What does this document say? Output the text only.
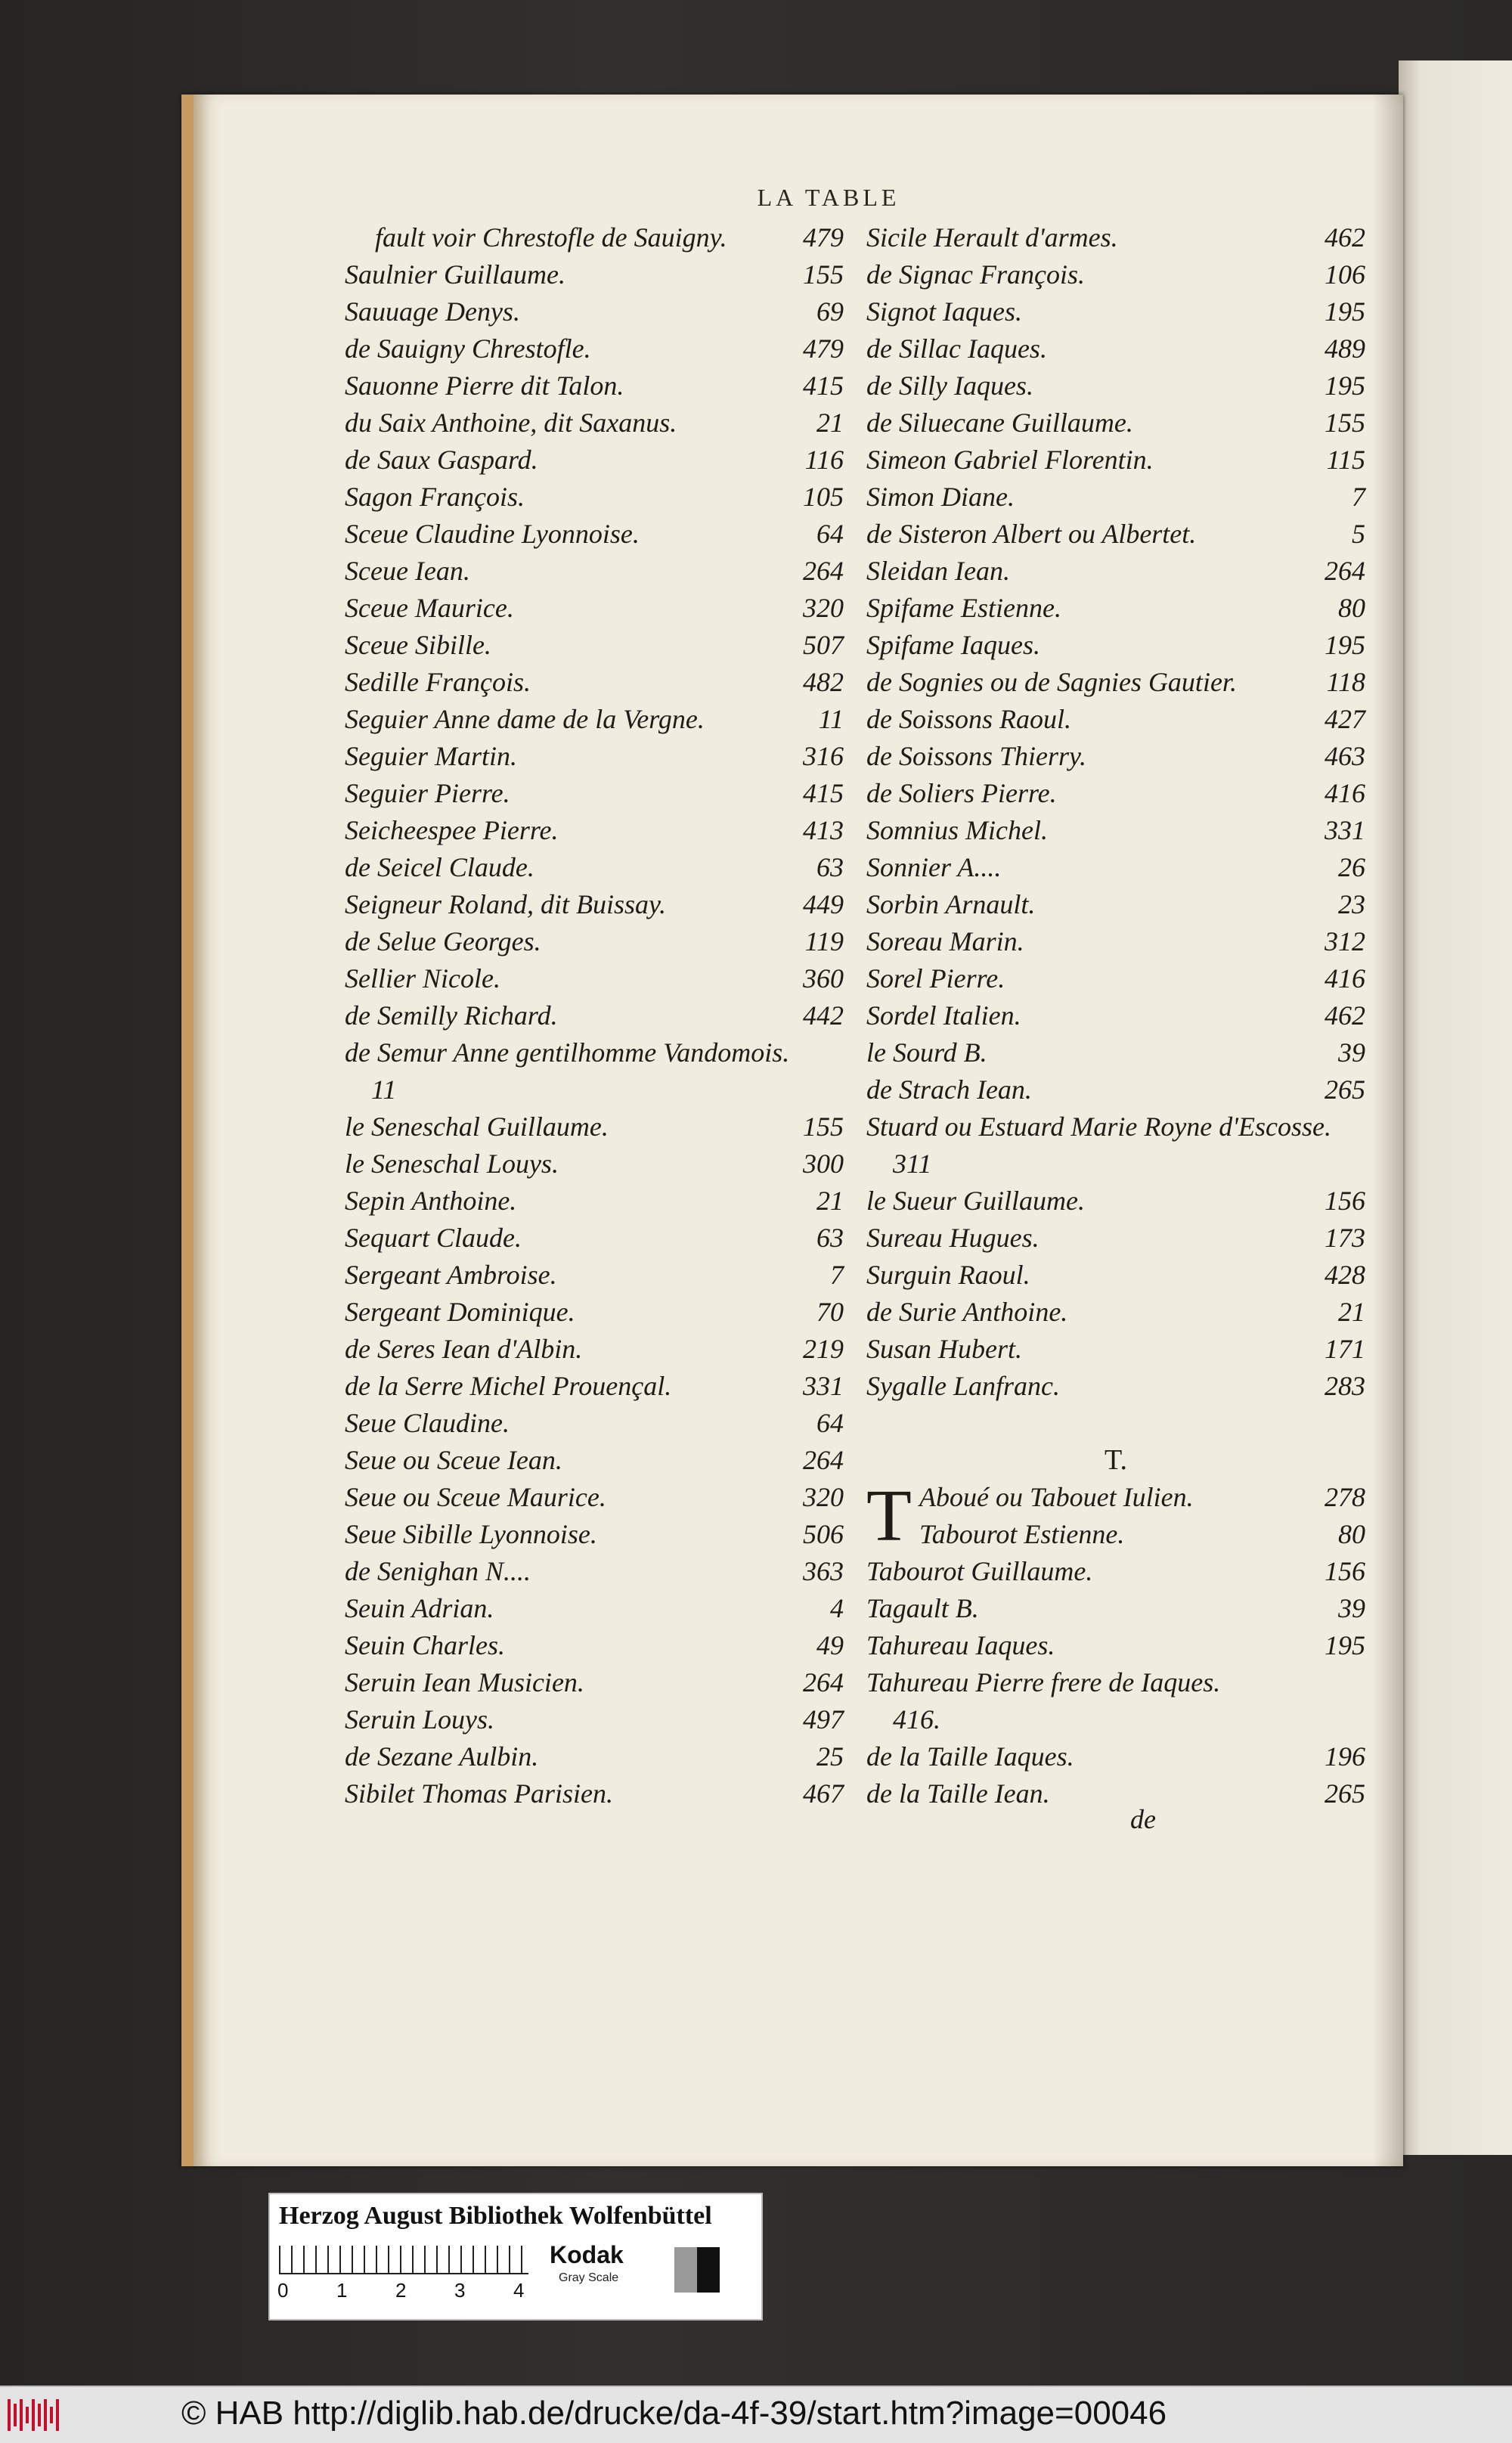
LA TABLE
fault voir Chrestofle de Sauigny.	479
Saulnier Guillaume.	155
Sauuage Denys.	69
de Sauigny Chrestofle.	479
Sauonne Pierre dit Talon.	415
du Saix Anthoine, dit Saxanus.	21
de Saux Gaspard.	116
Sagon François.	105
Sceue Claudine Lyonnoise.	64
Sceue Iean.	264
Sceue Maurice.	320
Sceue Sibille.	507
Sedille François.	482
Seguier Anne dame de la Vergne.	11
Seguier Martin.	316
Seguier Pierre.	415
Seicheespee Pierre.	413
de Seicel Claude.	63
Seigneur Roland, dit Buissay.	449
de Selue Georges.	119
Sellier Nicole.	360
de Semilly Richard.	442
de Semur Anne gentilhomme Vandomois.
11
le Seneschal Guillaume.	155
le Seneschal Louys.	300
Sepin Anthoine.	21
Sequart Claude.	63
Sergeant Ambroise.	7
Sergeant Dominique.	70
de Seres Iean d'Albin.	219
de la Serre Michel Prouençal.	331
Seue Claudine.	64
Seue ou Sceue Iean.	264
Seue ou Sceue Maurice.	320
Seue Sibille Lyonnoise.	506
de Senighan N....	363
Seuin Adrian.	4
Seuin Charles.	49
Seruin Iean Musicien.	264
Seruin Louys.	497
de Sezane Aulbin.	25
Sibilet Thomas Parisien.	467
Sicile Herault d'armes.	462
de Signac François.	106
Signot Iaques.	195
de Sillac Iaques.	489
de Silly Iaques.	195
de Siluecane Guillaume.	155
Simeon Gabriel Florentin.	115
Simon Diane.	7
de Sisteron Albert ou Albertet.	5
Sleidan Iean.	264
Spifame Estienne.	80
Spifame Iaques.	195
de Sognies ou de Sagnies Gautier.	118
de Soissons Raoul.	427
de Soissons Thierry.	463
de Soliers Pierre.	416
Somnius Michel.	331
Sonnier A....	26
Sorbin Arnault.	23
Soreau Marin.	312
Sorel Pierre.	416
Sordel Italien.	462
le Sourd B.	39
de Strach Iean.	265
Stuard ou Estuard Marie Royne d'Escosse.
311
le Sueur Guillaume.	156
Sureau Hugues.	173
Surguin Raoul.	428
de Surie Anthoine.	21
Susan Hubert.	171
Sygalle Lanfranc.	283
T.
T Aboué ou Tabouet Iulien.	278
Tabourot Estienne.	80
Tabourot Guillaume.	156
Tagault B.	39
Tahureau Iaques.	195
Tahureau Pierre frere de Iaques.
416.
de la Taille Iaques.	196
de la Taille Iean.	265
de
Herzog August Bibliothek Wolfenbüttel
0 1 2 3 4
Kodak
Gray Scale
© HAB http://diglib.hab.de/drucke/da-4f-39/start.htm?image=00046
